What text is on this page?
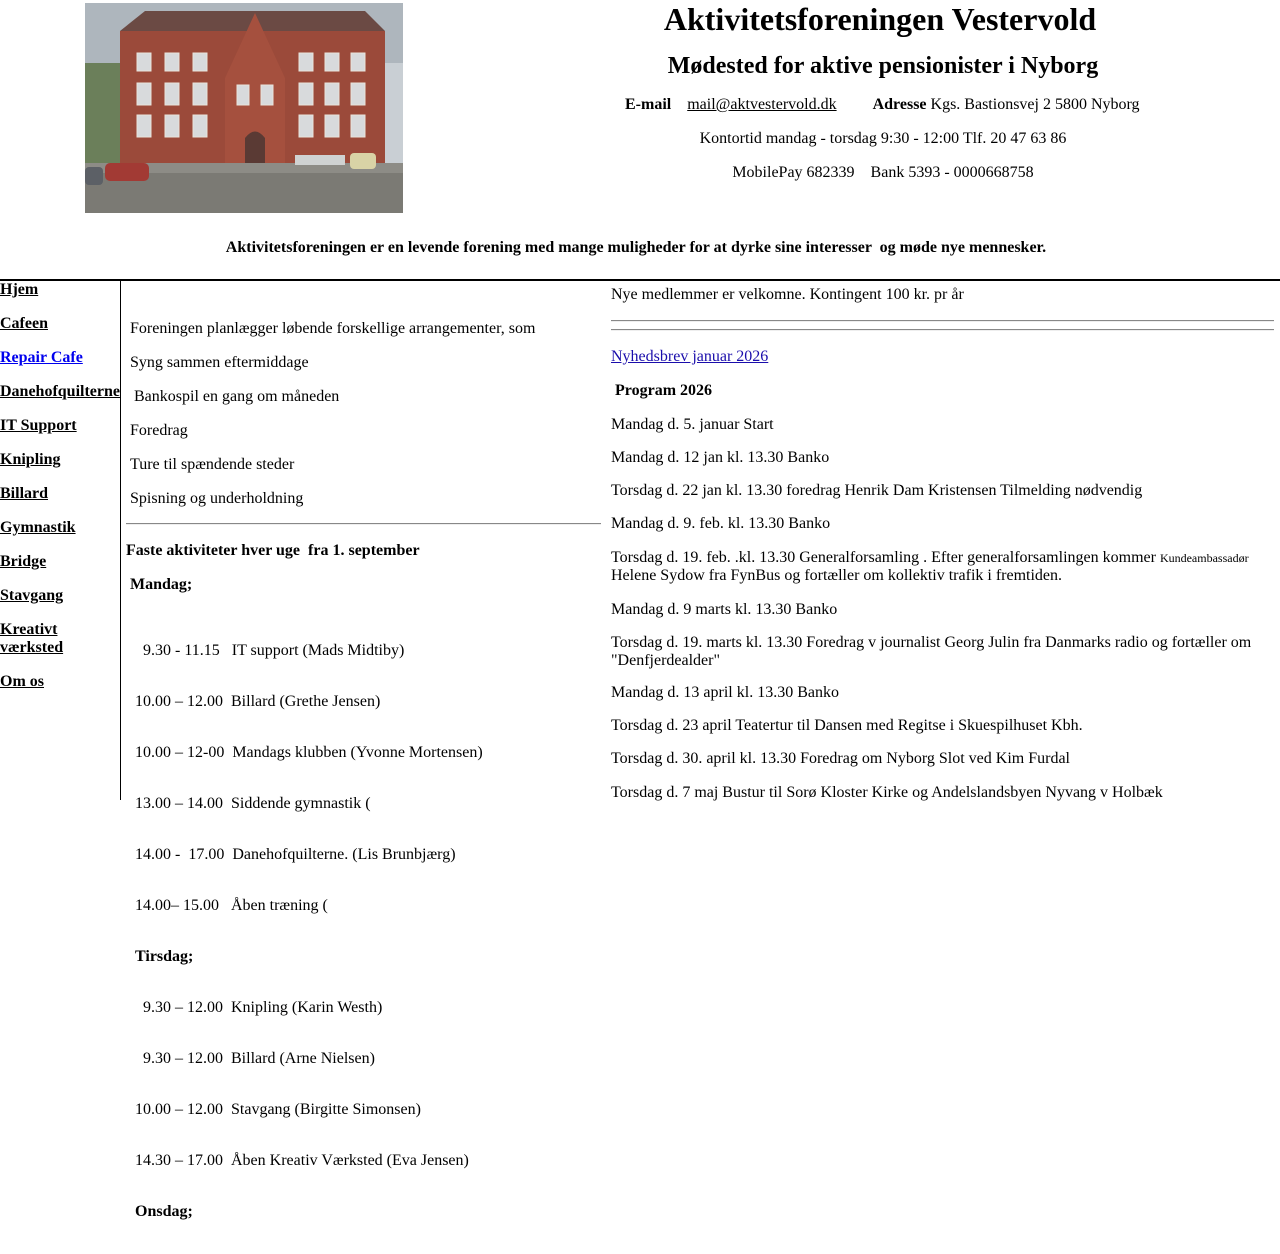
Aktivitetsforeningen Vestervold
Mødested for aktive pensionister i Nyborg
E-mail mail@aktvestervold.dk Adresse Kgs. Bastionsvej 2 5800 Nyborg
Kontortid mandag - torsdag 9:30 - 12:00 Tlf. 20 47 63 86
MobilePay 682339    Bank 5393 - 0000668758
Aktivitetsforeningen er en levende forening med mange muligheder for at dyrke sine interesser  og møde nye mennesker.
Hjem
Cafeen
Repair Cafe
Danehofquilterne
IT Support
Knipling
Billard
Gymnastik
Bridge
Stavgang
Kreativt værksted
Om os
Foreningen planlægger løbende forskellige arrangementer, som
Syng sammen eftermiddage
Bankospil en gang om måneden
Foredrag
Ture til spændende steder
Spisning og underholdning
Faste aktiviteter hver uge  fra 1. september
Mandag;

9.30 - 11.15   IT support (Mads Midtiby)

10.00 – 12.00  Billard (Grethe Jensen)

10.00 – 12-00  Mandags klubben (Yvonne Mortensen)

13.00 – 14.00  Siddende gymnastik (

14.00 -  17.00  Danehofquilterne. (Lis Brunbjærg)

14.00– 15.00   Åben træning (

Tirsdag;

9.30 – 12.00  Knipling (Karin Westh)

9.30 – 12.00  Billard (Arne Nielsen)

10.00 – 12.00  Stavgang (Birgitte Simonsen)

14.30 – 17.00  Åben Kreativ Værksted (Eva Jensen)

Onsdag;

Nye medlemmer er velkomne. Kontingent 100 kr. pr år
Nyhedsbrev januar 2026
Program 2026
Mandag d. 5. januar Start
Mandag d. 12 jan kl. 13.30 Banko
Torsdag d. 22 jan kl. 13.30 foredrag Henrik Dam Kristensen Tilmelding nødvendig
Mandag d. 9. feb. kl. 13.30 Banko
Torsdag d. 19. feb. .kl. 13.30 Generalforsamling . Efter generalforsamlingen kommer Kundeambassadør Helene Sydow fra FynBus og fortæller om kollektiv trafik i fremtiden.
Mandag d. 9 marts kl. 13.30 Banko
Torsdag d. 19. marts kl. 13.30 Foredrag v journalist Georg Julin fra Danmarks radio og fortæller om "Denfjerdealder"
Mandag d. 13 april kl. 13.30 Banko
Torsdag d. 23 april Teatertur til Dansen med Regitse i Skuespilhuset Kbh.
Torsdag d. 30. april kl. 13.30 Foredrag om Nyborg Slot ved Kim Furdal
Torsdag d. 7 maj Bustur til Sorø Kloster Kirke og Andelslandsbyen Nyvang v Holbæk
